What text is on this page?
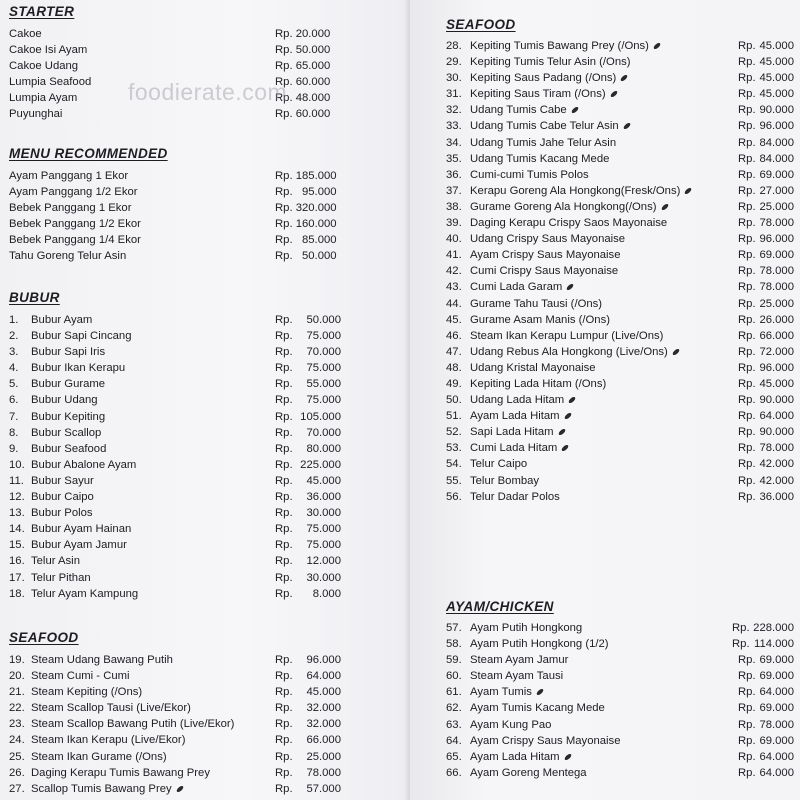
STARTER
Cakoe	Rp. 20.000
Cakoe Isi Ayam	Rp. 50.000
Cakoe Udang	Rp. 65.000
Lumpia Seafood	Rp. 60.000
Lumpia Ayam	Rp. 48.000
Puyunghai	Rp. 60.000
MENU RECOMMENDED
Ayam Panggang 1 Ekor	Rp. 185.000
Ayam Panggang 1/2 Ekor	Rp.   95.000
Bebek Panggang 1 Ekor	Rp. 320.000
Bebek Panggang 1/2 Ekor	Rp. 160.000
Bebek Panggang 1/4 Ekor	Rp.   85.000
Tahu Goreng Telur Asin	Rp.   50.000
BUBUR
1. Bubur Ayam	Rp. 50.000
2. Bubur Sapi Cincang	Rp. 75.000
3. Bubur Sapi Iris	Rp. 70.000
4. Bubur Ikan Kerapu	Rp. 75.000
5. Bubur Gurame	Rp. 55.000
6. Bubur Udang	Rp. 75.000
7. Bubur Kepiting	Rp. 105.000
8. Bubur Scallop	Rp. 70.000
9. Bubur Seafood	Rp. 80.000
10. Bubur Abalone Ayam	Rp. 225.000
11. Bubur Sayur	Rp. 45.000
12. Bubur Caipo	Rp. 36.000
13. Bubur Polos	Rp. 30.000
14. Bubur Ayam Hainan	Rp. 75.000
15. Bubur Ayam Jamur	Rp. 75.000
16. Telur Asin	Rp. 12.000
17. Telur Pithan	Rp. 30.000
18. Telur Ayam Kampung	Rp. 8.000
SEAFOOD
19. Steam Udang Bawang Putih	Rp. 96.000
20. Steam Cumi - Cumi	Rp. 64.000
21. Steam Kepiting (/Ons)	Rp. 45.000
22. Steam Scallop Tausi (Live/Ekor)	Rp. 32.000
23. Steam Scallop Bawang Putih (Live/Ekor)	Rp. 32.000
24. Steam Ikan Kerapu (Live/Ekor)	Rp. 66.000
25. Steam Ikan Gurame (/Ons)	Rp. 25.000
26. Daging Kerapu Tumis Bawang Prey	Rp. 78.000
27. Scallop Tumis Bawang Prey	Rp. 57.000
foodierate.com
SEAFOOD
28. Kepiting Tumis Bawang Prey (/Ons)	Rp. 45.000
29. Kepiting Tumis Telur Asin (/Ons)	Rp. 45.000
30. Kepiting Saus Padang (/Ons)	Rp. 45.000
31. Kepiting Saus Tiram (/Ons)	Rp. 45.000
32. Udang Tumis Cabe	Rp. 90.000
33. Udang Tumis Cabe Telur Asin	Rp. 96.000
34. Udang Tumis Jahe Telur Asin	Rp. 84.000
35. Udang Tumis Kacang Mede	Rp. 84.000
36. Cumi-cumi Tumis Polos	Rp. 69.000
37. Kerapu Goreng Ala Hongkong(Fresk/Ons)	Rp. 27.000
38. Gurame Goreng Ala Hongkong(/Ons)	Rp. 25.000
39. Daging Kerapu Crispy Saos Mayonaise	Rp. 78.000
40. Udang Crispy Saus Mayonaise	Rp. 96.000
41. Ayam Crispy Saus Mayonaise	Rp. 69.000
42. Cumi Crispy Saus Mayonaise	Rp. 78.000
43. Cumi Lada Garam	Rp. 78.000
44. Gurame Tahu Tausi (/Ons)	Rp. 25.000
45. Gurame Asam Manis (/Ons)	Rp. 26.000
46. Steam Ikan Kerapu Lumpur (Live/Ons)	Rp. 66.000
47. Udang Rebus Ala Hongkong (Live/Ons)	Rp. 72.000
48. Udang Kristal Mayonaise	Rp. 96.000
49. Kepiting Lada Hitam (/Ons)	Rp. 45.000
50. Udang Lada Hitam	Rp. 90.000
51. Ayam Lada Hitam	Rp. 64.000
52. Sapi Lada Hitam	Rp. 90.000
53. Cumi Lada Hitam	Rp. 78.000
54. Telur Caipo	Rp. 42.000
55. Telur Bombay	Rp. 42.000
56. Telur Dadar Polos	Rp. 36.000
AYAM/CHICKEN
57. Ayam Putih Hongkong	Rp. 228.000
58. Ayam Putih Hongkong (1/2)	Rp. 114.000
59. Steam Ayam Jamur	Rp. 69.000
60. Steam Ayam Tausi	Rp. 69.000
61. Ayam Tumis	Rp. 64.000
62. Ayam Tumis Kacang Mede	Rp. 69.000
63. Ayam Kung Pao	Rp. 78.000
64. Ayam Crispy Saus Mayonaise	Rp. 69.000
65. Ayam Lada Hitam	Rp. 64.000
66. Ayam Goreng Mentega	Rp. 64.000
